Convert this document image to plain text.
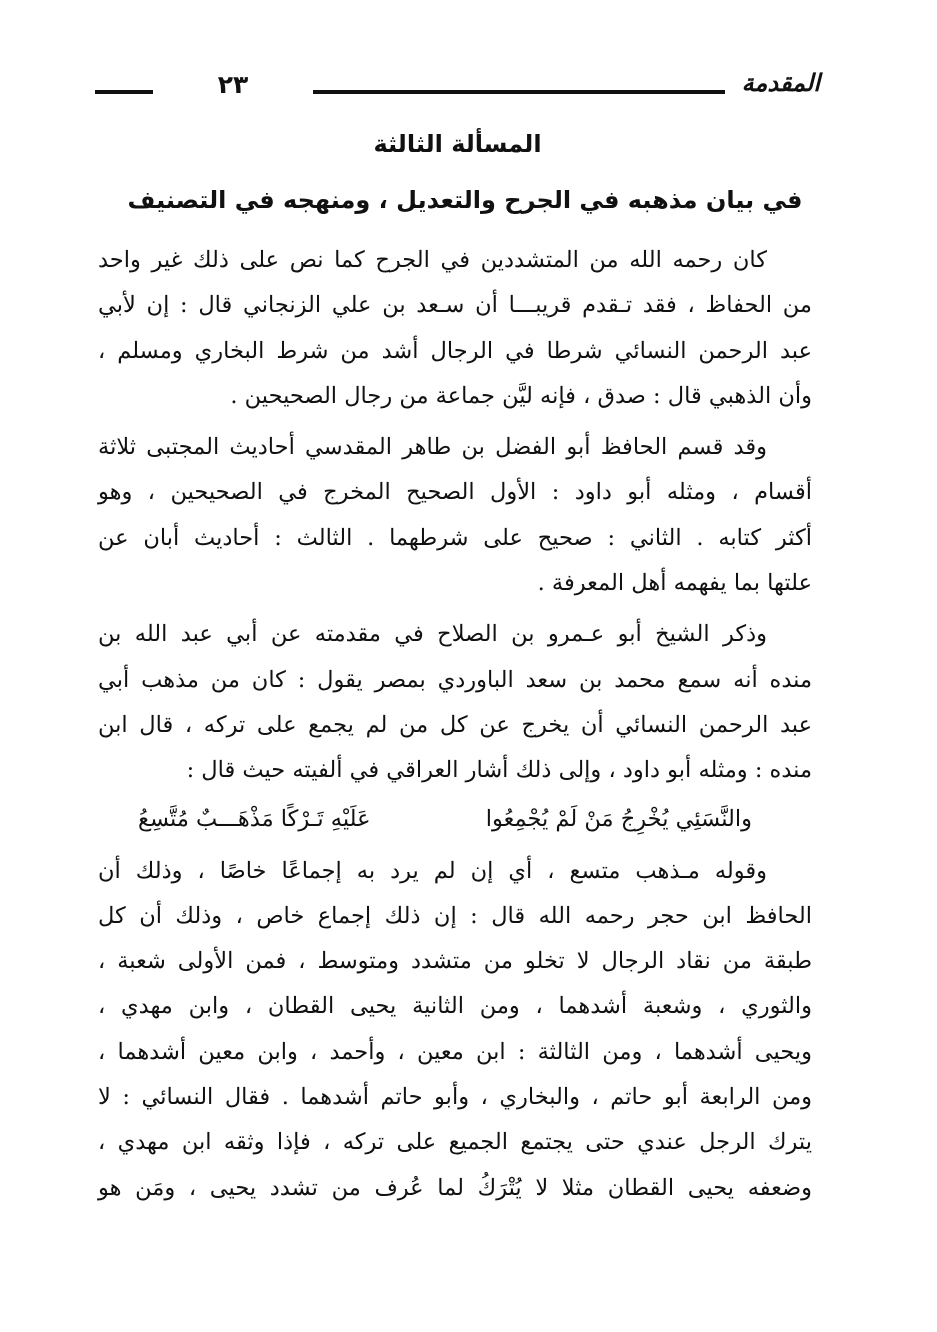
المقدمة
٢٣
المسألة الثالثة
في بيان مذهبه في الجرح والتعديل ، ومنهجه في التصنيف
كان رحمه الله من المتشددين في الجرح كما نص على ذلك غير واحد
من الحفاظ ، فقد تـقدم قريبـــا أن سـعد بن علي الزنجاني قال : إن لأبي
عبد الرحمن النسائي شرطا في الرجال أشد من شرط البخاري ومسلم ،
وأن الذهبي قال : صدق ، فإنه ليَّن جماعة من رجال الصحيحين .
وقد قسم الحافظ أبو الفضل بن طاهر المقدسي أحاديث المجتبى ثلاثة
أقسام ، ومثله أبو داود : الأول الصحيح المخرج في الصحيحين ، وهو
أكثر كتابه . الثاني : صحيح على شرطهما . الثالث : أحاديث أبان عن
علتها بما يفهمه أهل المعرفة .
وذكر الشيخ أبو عـمرو بن الصلاح في مقدمته عن أبي عبد الله بن
منده أنه سمع محمد بن سعد الباوردي بمصر يقول : كان من مذهب أبي
عبد الرحمن النسائي أن يخرج عن كل من لم يجمع على تركه ، قال ابن
منده : ومثله أبو داود ، وإلى ذلك أشار العراقي في ألفيته حيث قال :
والنَّسَئِي يُخْرِجُ مَنْ لَمْ يُجْمِعُوا
عَلَيْهِ تَـرْكًا مَذْهَـــبٌ مُتَّسِعُ
وقوله مـذهب متسع ، أي إن لم يرد به إجماعًا خاصًا ، وذلك أن
الحافظ ابن حجر رحمه الله قال : إن ذلك إجماع خاص ، وذلك أن كل
طبقة من نقاد الرجال لا تخلو من متشدد ومتوسط ، فمن الأولى شعبة ،
والثوري ، وشعبة أشدهما ، ومن الثانية يحيى القطان ، وابن مهدي ،
ويحيى أشدهما ، ومن الثالثة : ابن معين ، وأحمد ، وابن معين أشدهما ،
ومن الرابعة أبو حاتم ، والبخاري ، وأبو حاتم أشدهما . فقال النسائي : لا
يترك الرجل عندي حتى يجتمع الجميع على تركه ، فإذا وثقه ابن مهدي ،
وضعفه يحيى القطان مثلا لا يُتْرَكُ لما عُرف من تشدد يحيى ، ومَن هو
